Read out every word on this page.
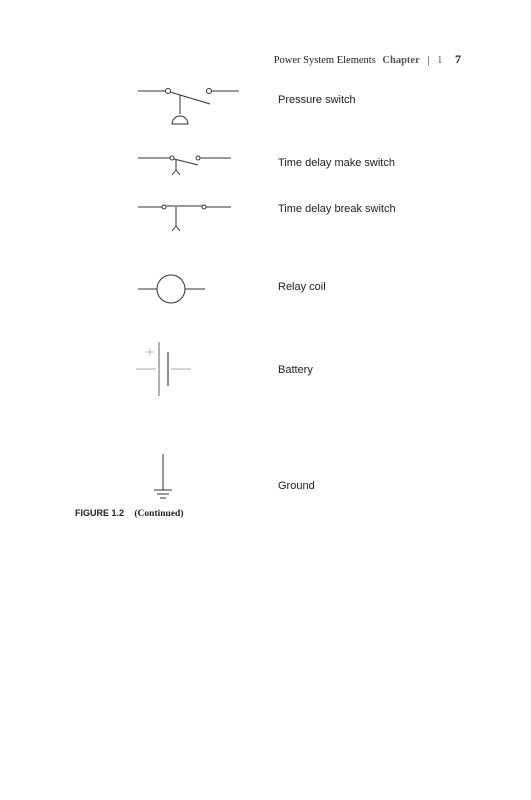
Power System Elements Chapter | 1 7
Pressure switch
Time delay make switch
Time delay break switch
Relay coil
Battery
Ground
FIGURE 1.2 (Continued)
